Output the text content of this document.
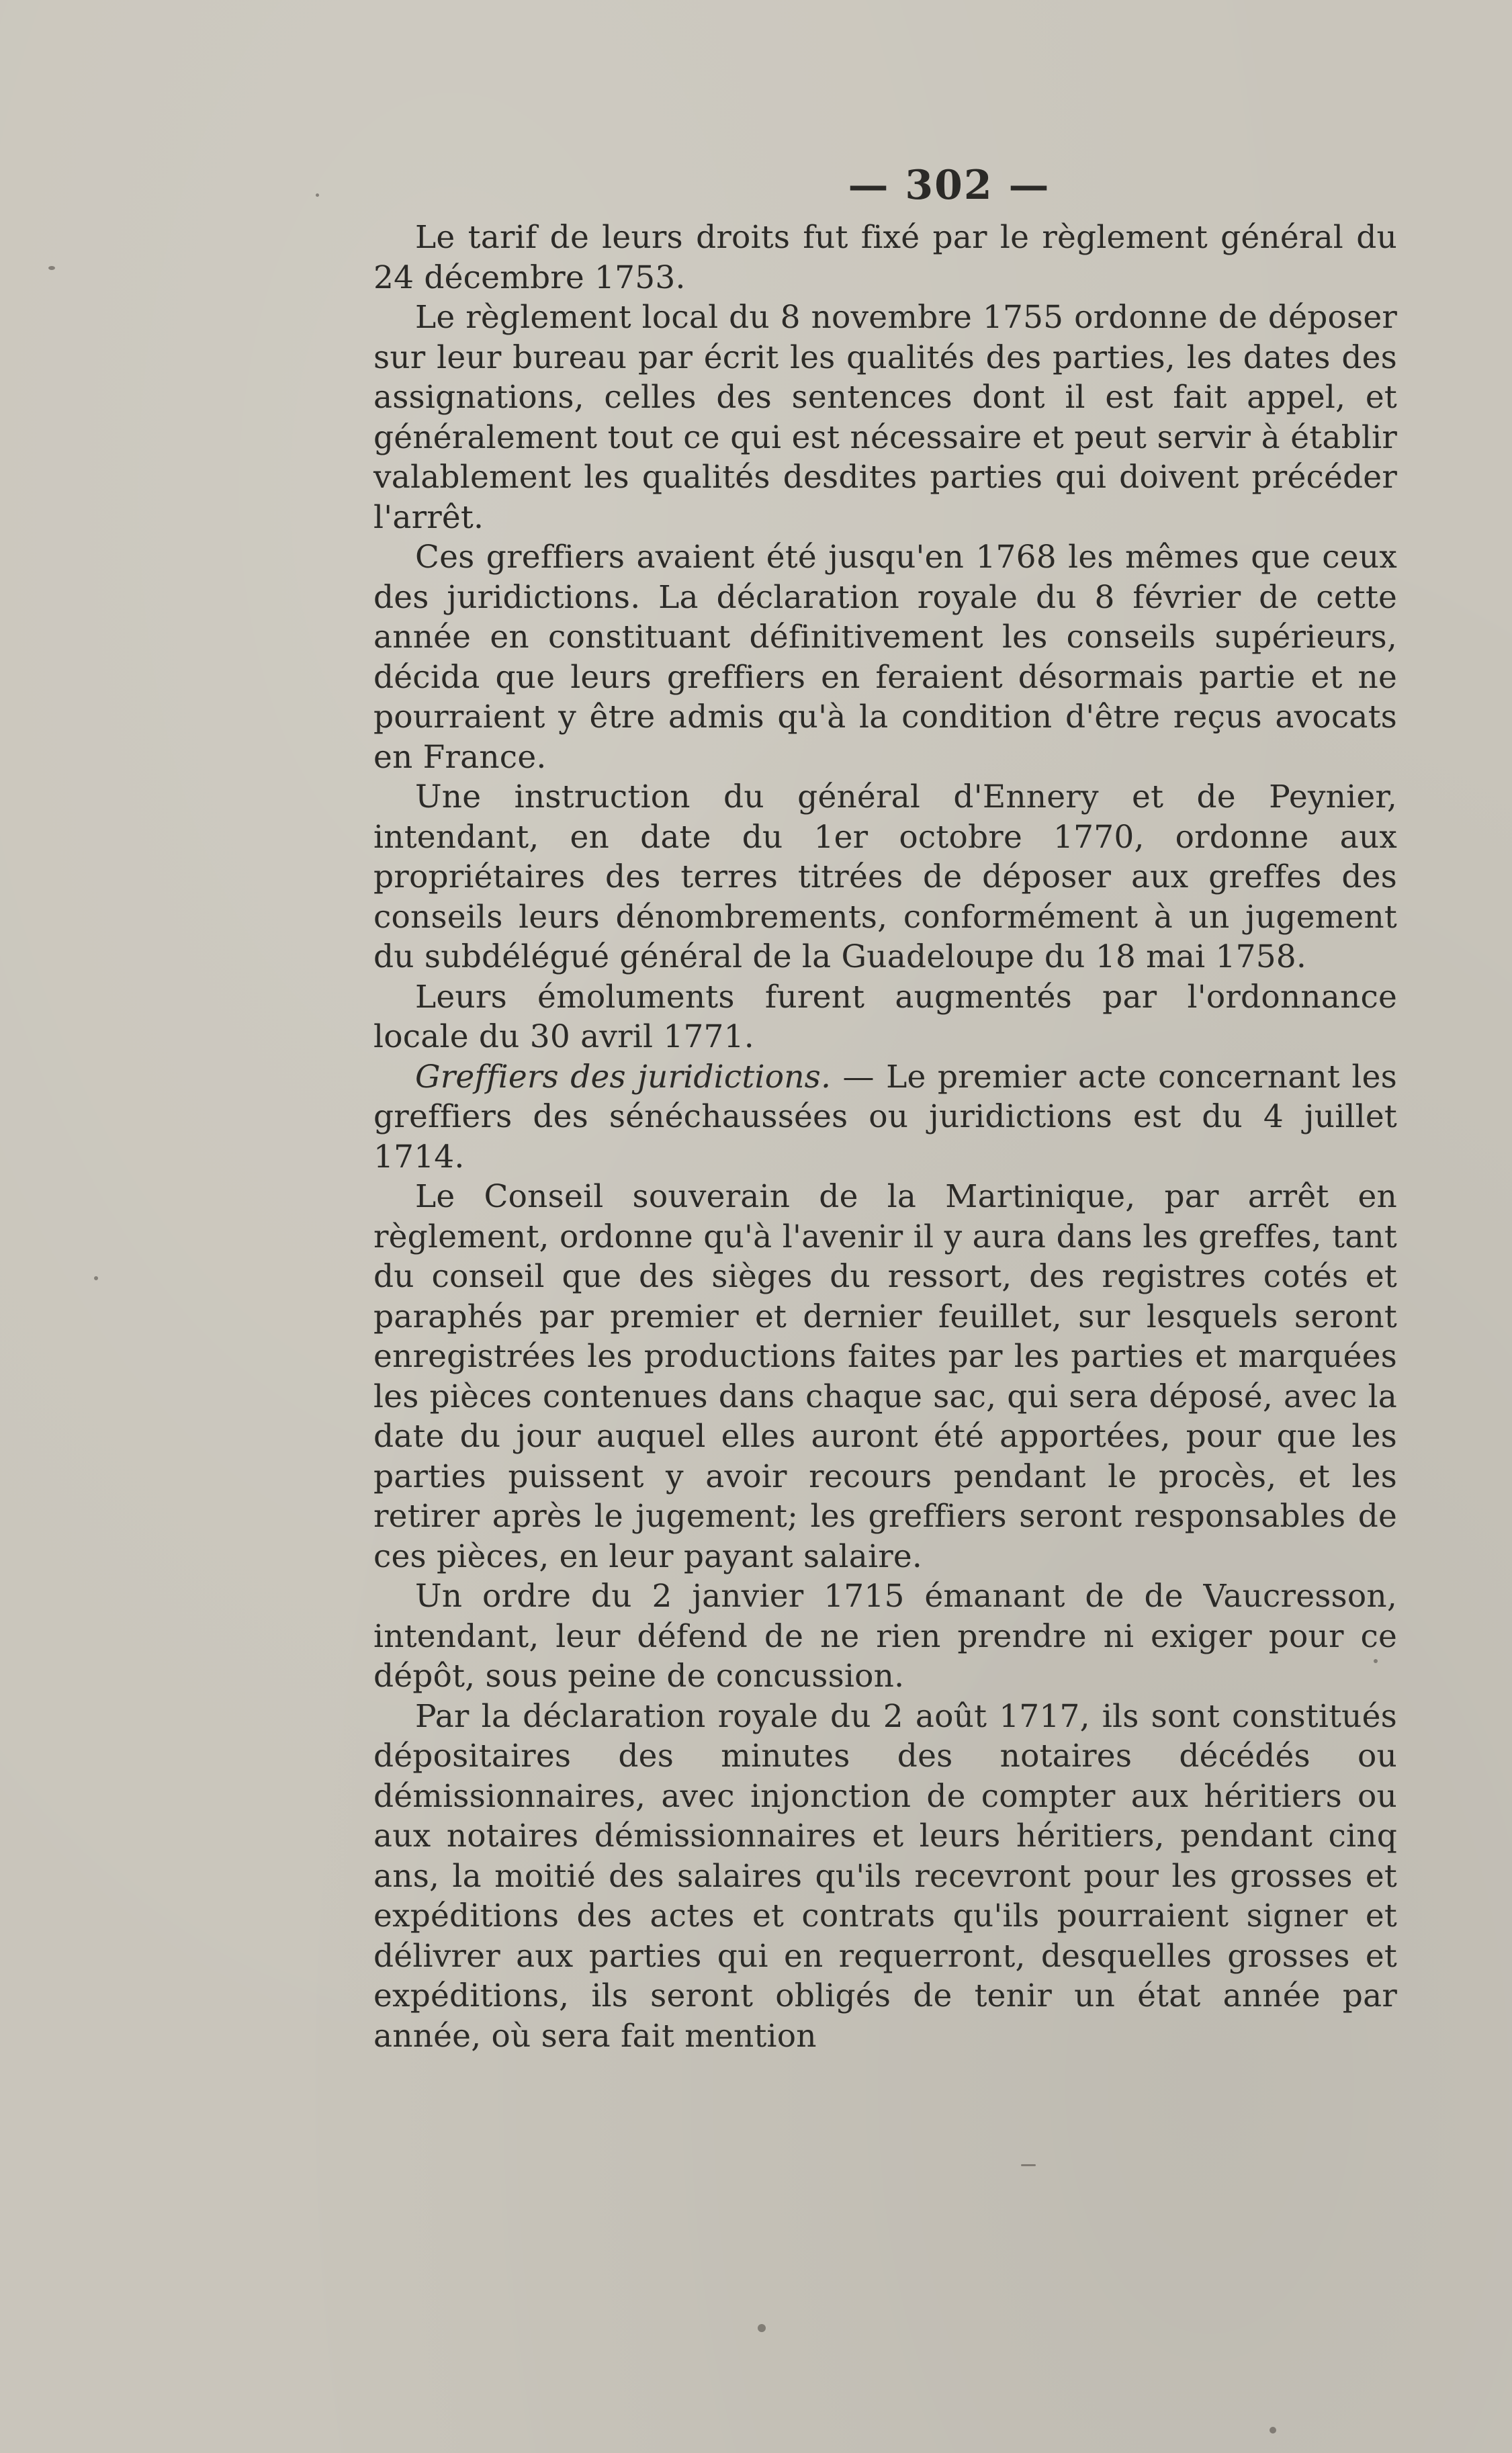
— 302 —

Le tarif de leurs droits fut fixé par le règlement général du 24 décembre 1753.

Le règlement local du 8 novembre 1755 ordonne de déposer sur leur bureau par écrit les qualités des parties, les dates des assignations, celles des sentences dont il est fait appel, et généralement tout ce qui est nécessaire et peut servir à établir valablement les qualités desdites parties qui doivent précéder l'arrêt.

Ces greffiers avaient été jusqu'en 1768 les mêmes que ceux des juridictions. La déclaration royale du 8 février de cette année en constituant définitivement les conseils supérieurs, décida que leurs greffiers en feraient désormais partie et ne pourraient y être admis qu'à la condition d'être reçus avocats en France.

Une instruction du général d'Ennery et de Peynier, intendant, en date du 1er octobre 1770, ordonne aux propriétaires des terres titrées de déposer aux greffes des conseils leurs dénombrements, conformément à un jugement du subdélégué général de la Guadeloupe du 18 mai 1758.

Leurs émoluments furent augmentés par l'ordonnance locale du 30 avril 1771.

Greffiers des juridictions. — Le premier acte concernant les greffiers des sénéchaussées ou juridictions est du 4 juillet 1714.

Le Conseil souverain de la Martinique, par arrêt en règlement, ordonne qu'à l'avenir il y aura dans les greffes, tant du conseil que des sièges du ressort, des registres cotés et paraphés par premier et dernier feuillet, sur lesquels seront enregistrées les productions faites par les parties et marquées les pièces contenues dans chaque sac, qui sera déposé, avec la date du jour auquel elles auront été apportées, pour que les parties puissent y avoir recours pendant le procès, et les retirer après le jugement; les greffiers seront responsables de ces pièces, en leur payant salaire.

Un ordre du 2 janvier 1715 émanant de de Vaucresson, intendant, leur défend de ne rien prendre ni exiger pour ce dépôt, sous peine de concussion.

Par la déclaration royale du 2 août 1717, ils sont constitués dépositaires des minutes des notaires décédés ou démissionnaires, avec injonction de compter aux héritiers ou aux notaires démissionnaires et leurs héritiers, pendant cinq ans, la moitié des salaires qu'ils recevront pour les grosses et expéditions des actes et contrats qu'ils pourraient signer et délivrer aux parties qui en requerront, desquelles grosses et expéditions, ils seront obligés de tenir un état année par année, où sera fait mention
